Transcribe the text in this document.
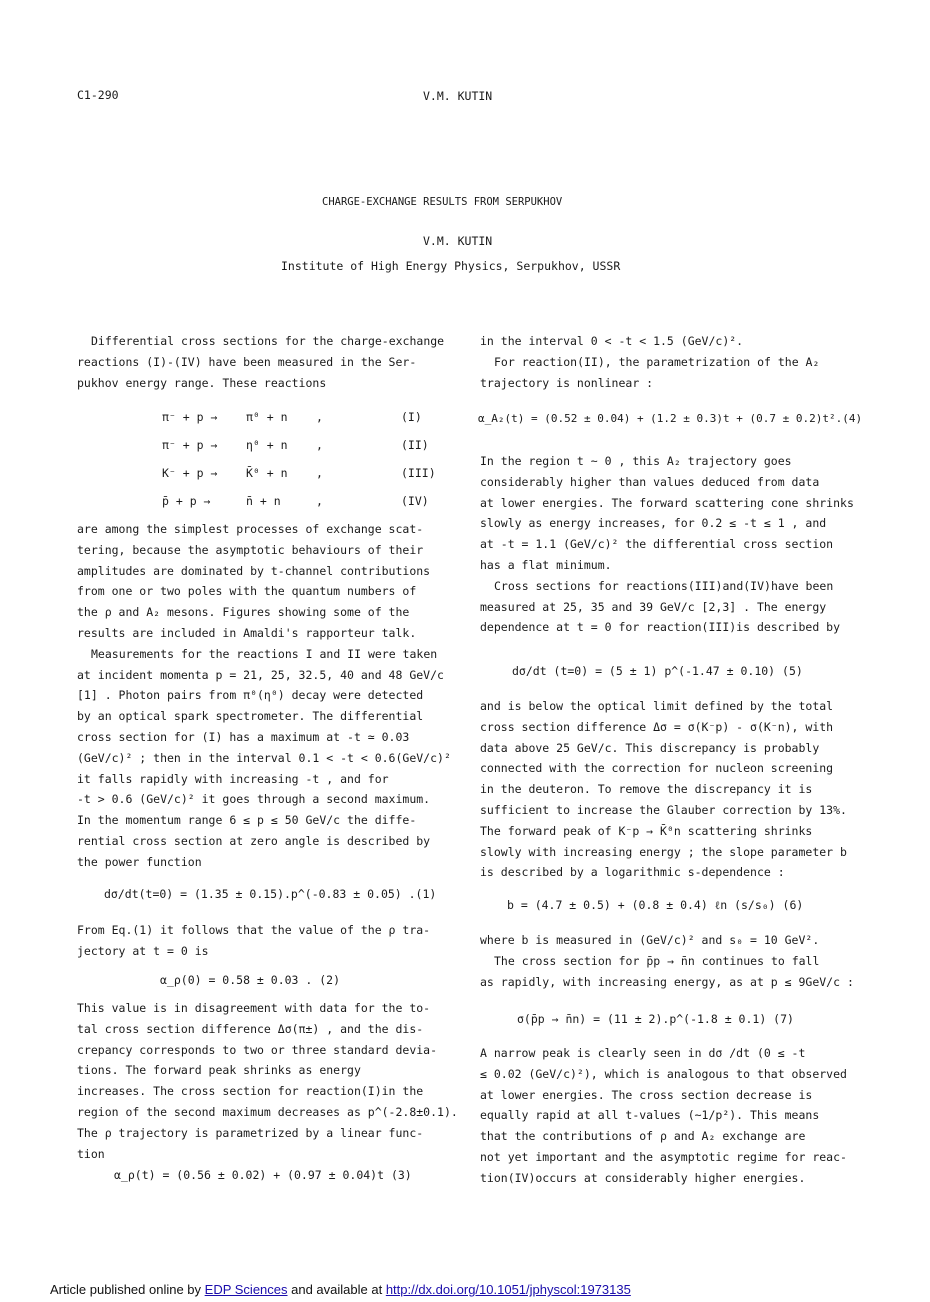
C1-290	V.M. KUTIN
CHARGE-EXCHANGE RESULTS FROM SERPUKHOV
V.M. KUTIN
Institute of High Energy Physics, Serpukhov, USSR

Differential cross sections for the charge-exchange

reactions (I)-(IV) have been measured in the Ser-

pukhov energy range. These reactions

π⁻ + p → π⁰ + n ,	(I)
π⁻ + p → η⁰ + n ,	(II)
K⁻ + p → K̄⁰ + n ,	(III)
p̄ + p →	n̄ + n	,	(IV)

are among the simplest processes of exchange scat-

tering, because the asymptotic behaviours of their

amplitudes are dominated by t-channel contributions

from one or two poles with the quantum numbers of

the ρ and A₂ mesons. Figures showing some of the

results are included in Amaldi's rapporteur talk.

Measurements for the reactions I and II were taken

at incident momenta p = 21, 25, 32.5, 40 and 48 GeV/c

[1] . Photon pairs from π⁰(η⁰) decay were detected

by an optical spark spectrometer. The differential

cross section for (I) has a maximum at -t ≃ 0.03

(GeV/c)² ; then in the interval 0.1 < -t < 0.6(GeV/c)²

it falls rapidly with increasing -t , and for

-t > 0.6 (GeV/c)² it goes through a second maximum.

In the momentum range 6 ≤ p ≤ 50 GeV/c the diffe-

rential cross section at zero angle is described by

the power function

dσ/dt(t=0) = (1.35 ± 0.15).p^(-0.83 ± 0.05) .(1)

From Eq.(1) it follows that the value of the ρ tra-

jectory at t = 0 is

α_ρ(0) = 0.58 ± 0.03 . (2)

This value is in disagreement with data for the to-

tal cross section difference Δσ(π±) , and the dis-

crepancy corresponds to two or three standard devia-

tions. The forward peak shrinks as energy

increases. The cross section for reaction(I)in the

region of the second maximum decreases as p^(-2.8±0.1).

The ρ trajectory is parametrized by a linear func-

tion

α_ρ(t) = (0.56 ± 0.02) + (0.97 ± 0.04)t (3)

in the interval 0 < -t < 1.5 (GeV/c)².

For reaction(II), the parametrization of the A₂

trajectory is nonlinear :

α_A₂(t) = (0.52 ± 0.04) + (1.2 ± 0.3)t + (0.7 ± 0.2)t².(4)

In the region t ~ 0 , this A₂ trajectory goes

considerably higher than values deduced from data

at lower energies. The forward scattering cone shrinks

slowly as energy increases, for 0.2 ≤ -t ≤ 1 , and

at -t = 1.1 (GeV/c)² the differential cross section

has a flat minimum.

Cross sections for reactions(III)and(IV)have been

measured at 25, 35 and 39 GeV/c [2,3] . The energy

dependence at t = 0 for reaction(III)is described by

dσ/dt (t=0) = (5 ± 1) p^(-1.47 ± 0.10) (5)

and is below the optical limit defined by the total

cross section difference Δσ = σ(K⁻p) - σ(K⁻n), with

data above 25 GeV/c. This discrepancy is probably

connected with the correction for nucleon screening

in the deuteron. To remove the discrepancy it is

sufficient to increase the Glauber correction by 13%.

The forward peak of K⁻p → K̄⁰n scattering shrinks

slowly with increasing energy ; the slope parameter b

is described by a logarithmic s-dependence :

b = (4.7 ± 0.5) + (0.8 ± 0.4) ℓn (s/s₀) (6)

where b is measured in (GeV/c)² and s₀ = 10 GeV².

The cross section for p̄p → n̄n continues to fall

as rapidly, with increasing energy, as at p ≤ 9GeV/c :

σ(p̄p → n̄n) = (11 ± 2).p^(-1.8 ± 0.1) (7)

A narrow peak is clearly seen in dσ /dt (0 ≤ -t

≤ 0.02 (GeV/c)²), which is analogous to that observed

at lower energies. The cross section decrease is

equally rapid at all t-values (~1/p²). This means

that the contributions of ρ and A₂ exchange are

not yet important and the asymptotic regime for reac-

tion(IV)occurs at considerably higher energies.

Article published online by EDP Sciences and available at http://dx.doi.org/10.1051/jphyscol:1973135
